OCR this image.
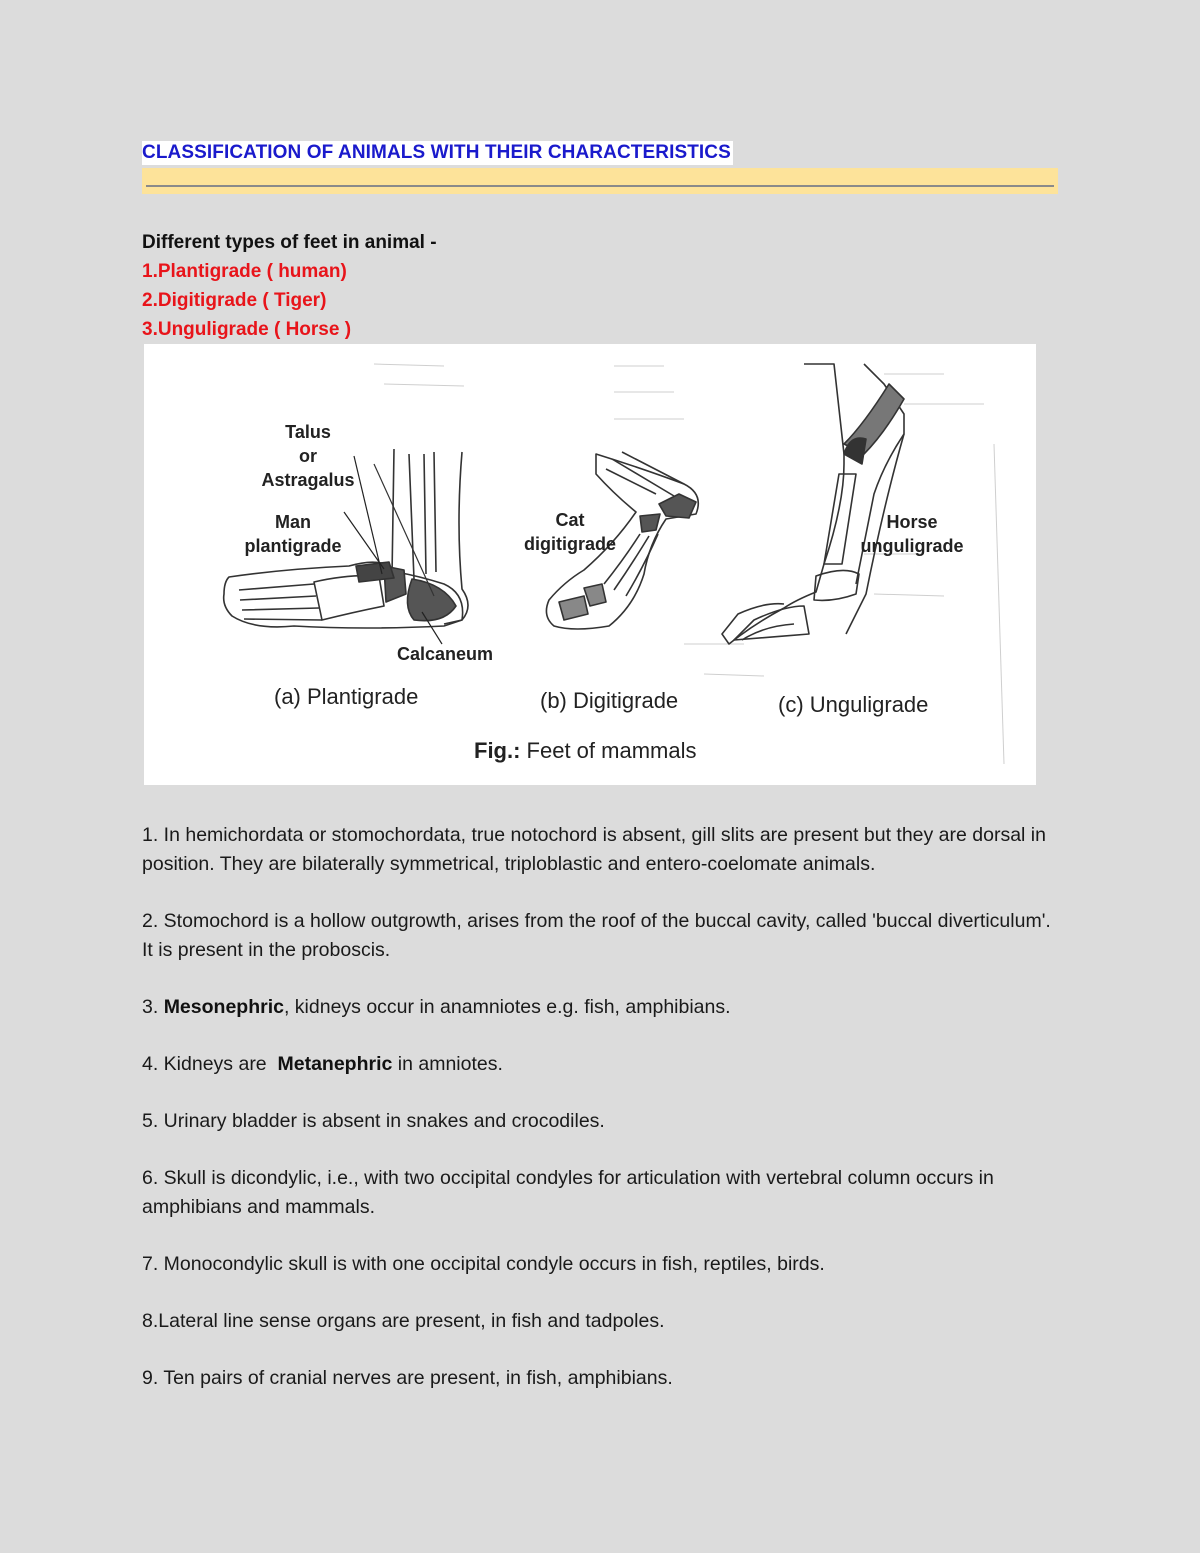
CLASSIFICATION OF ANIMALS WITH THEIR CHARACTERISTICS
Different types of feet in animal -
1.Plantigrade ( human)
2.Digitigrade ( Tiger)
3.Unguligrade ( Horse )
Talus
or
Astragalus
Man
plantigrade
Calcaneum
Cat
digitigrade
Horse
unguligrade
(a) Plantigrade	(b) Digitigrade	(c) Unguligrade
Fig.: Feet of mammals

1. In hemichordata or stomochordata, true notochord is absent, gill slits are present but they are dorsal in position. They are bilaterally symmetrical, triploblastic and entero-coelomate animals.

2. Stomochord is a hollow outgrowth, arises from the roof of the buccal cavity, called 'buccal diverticulum'. It is present in the proboscis.

3. Mesonephric, kidneys occur in anamniotes e.g. fish, amphibians.

4. Kidneys are  Metanephric in amniotes.

5. Urinary bladder is absent in snakes and crocodiles.

6. Skull is dicondylic, i.e., with two occipital condyles for articulation with vertebral column occurs in amphibians and mammals.

7. Monocondylic skull is with one occipital condyle occurs in fish, reptiles, birds.

8.Lateral line sense organs are present, in fish and tadpoles.

9. Ten pairs of cranial nerves are present, in fish, amphibians.
